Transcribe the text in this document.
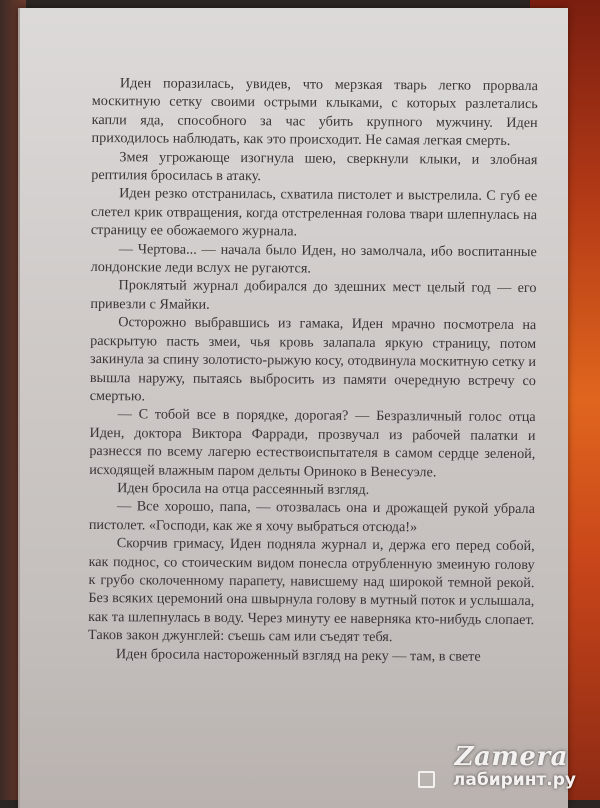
Иден поразилась, увидев, что мерзкая тварь легко прорвала москитную сетку своими острыми клыками, с которых разлетались капли яда, способного за час убить крупного мужчину. Иден приходилось наблюдать, как это происходит. Не самая легкая смерть.

Змея угрожающе изогнула шею, сверкнули клыки, и злобная рептилия бросилась в атаку.

Иден резко отстранилась, схватила пистолет и выстрелила. С губ ее слетел крик отвращения, когда отстреленная голова твари шлепнулась на страницу ее обожаемого журнала.

— Чертова... — начала было Иден, но замолчала, ибо воспитанные лондонские леди вслух не ругаются.

Проклятый журнал добирался до здешних мест целый год — его привезли с Ямайки.

Осторожно выбравшись из гамака, Иден мрачно посмотрела на раскрытую пасть змеи, чья кровь залапала яркую страницу, потом закинула за спину золотисто-рыжую косу, отодвинула москитную сетку и вышла наружу, пытаясь выбросить из памяти очередную встречу со смертью.

— С тобой все в порядке, дорогая? — Безразличный голос отца Иден, доктора Виктора Фарради, прозвучал из рабочей палатки и разнесся по всему лагерю естествоиспытателя в самом сердце зеленой, исходящей влажным паром дельты Ориноко в Венесуэле.

Иден бросила на отца рассеянный взгляд.

— Все хорошо, папа, — отозвалась она и дрожащей рукой убрала пистолет. «Господи, как же я хочу выбраться отсюда!»

Скорчив гримасу, Иден подняла журнал и, держа его перед собой, как поднос, со стоическим видом понесла отрубленную змеиную голову к грубо сколоченному парапету, нависшему над широкой темной рекой. Без всяких церемоний она швырнула голову в мутный поток и услышала, как та шлепнулась в воду. Через минуту ее наверняка кто-нибудь слопает. Таков закон джунглей: съешь сам или съедят тебя.

Иден бросила настороженный взгляд на реку — там, в свете

Zamera
лабиринт.ру
